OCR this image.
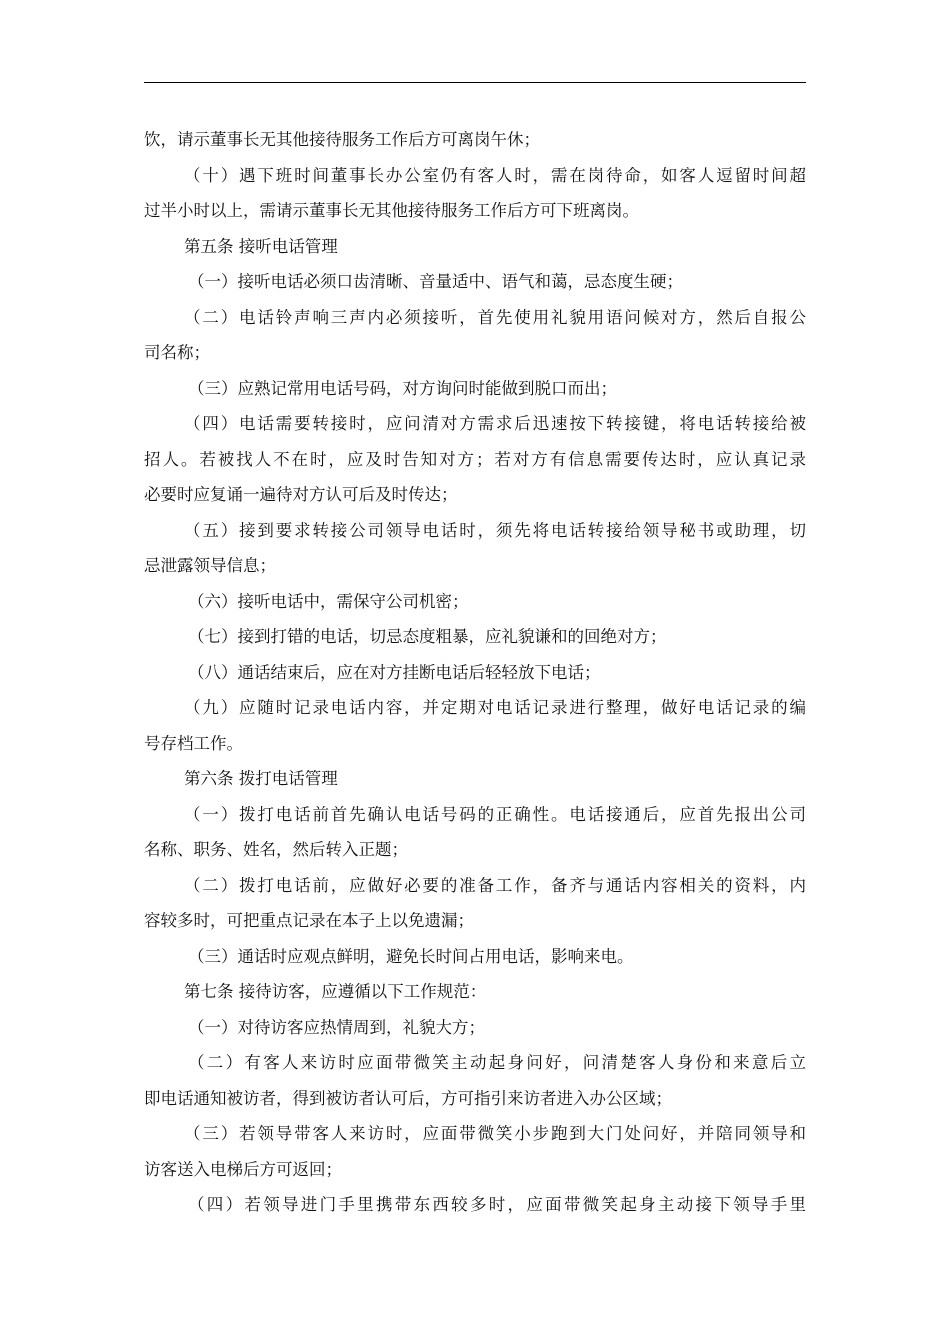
饮，请示董事长无其他接待服务工作后方可离岗午休；
（十）遇下班时间董事长办公室仍有客人时，需在岗待命，如客人逗留时间超
过半小时以上，需请示董事长无其他接待服务工作后方可下班离岗。
第五条 接听电话管理
（一）接听电话必须口齿清晰、音量适中、语气和蔼，忌态度生硬；
（二）电话铃声响三声内必须接听，首先使用礼貌用语问候对方，然后自报公
司名称；
（三）应熟记常用电话号码，对方询问时能做到脱口而出；
（四）电话需要转接时，应问清对方需求后迅速按下转接键，将电话转接给被
招人。若被找人不在时，应及时告知对方；若对方有信息需要传达时，应认真记录
必要时应复诵一遍待对方认可后及时传达；
（五）接到要求转接公司领导电话时，须先将电话转接给领导秘书或助理，切
忌泄露领导信息；
（六）接听电话中，需保守公司机密；
（七）接到打错的电话，切忌态度粗暴，应礼貌谦和的回绝对方；
（八）通话结束后，应在对方挂断电话后轻轻放下电话；
（九）应随时记录电话内容，并定期对电话记录进行整理，做好电话记录的编
号存档工作。
第六条 拨打电话管理
（一）拨打电话前首先确认电话号码的正确性。电话接通后，应首先报出公司
名称、职务、姓名，然后转入正题；
（二）拨打电话前，应做好必要的准备工作，备齐与通话内容相关的资料，内
容较多时，可把重点记录在本子上以免遗漏；
（三）通话时应观点鲜明，避免长时间占用电话，影响来电。
第七条 接待访客，应遵循以下工作规范：
（一）对待访客应热情周到，礼貌大方；
（二）有客人来访时应面带微笑主动起身问好，问清楚客人身份和来意后立
即电话通知被访者，得到被访者认可后，方可指引来访者进入办公区域；
（三）若领导带客人来访时，应面带微笑小步跑到大门处问好，并陪同领导和
访客送入电梯后方可返回；
（四）若领导进门手里携带东西较多时，应面带微笑起身主动接下领导手里
